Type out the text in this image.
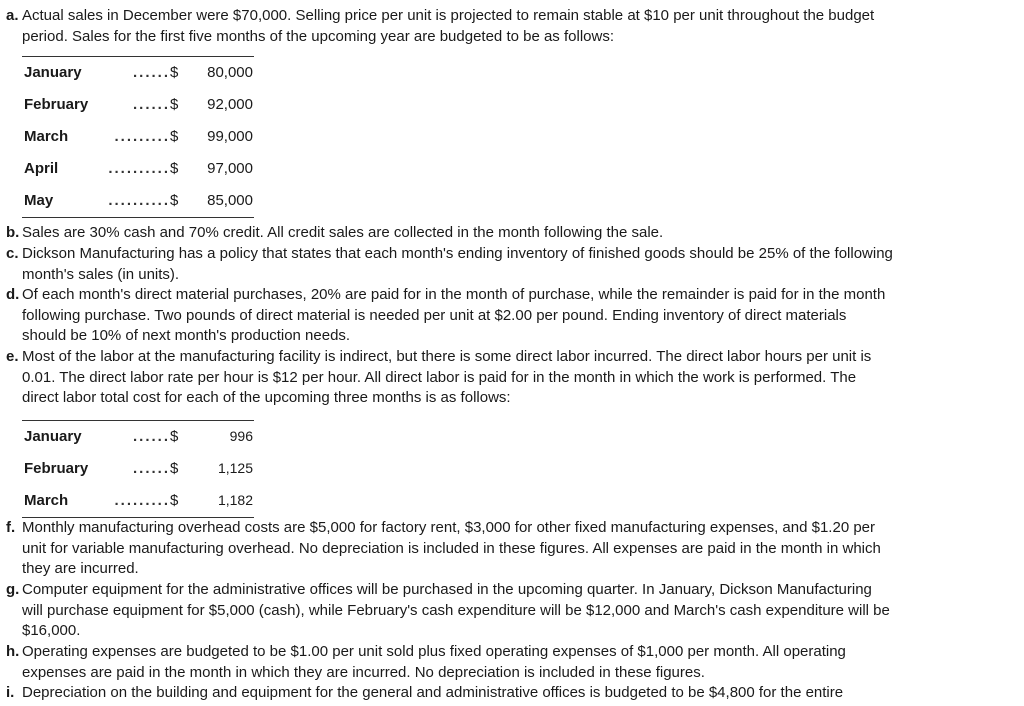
a. Actual sales in December were $70,000. Selling price per unit is projected to remain stable at $10 per unit throughout the budget
period. Sales for the first five months of the upcoming year are budgeted to be as follows:
January	...... $ 80,000
February	...... $ 92,000
March	......... $ 99,000
April	.......... $ 97,000
May	.......... $ 85,000
b. Sales are 30% cash and 70% credit. All credit sales are collected in the month following the sale.
c. Dickson Manufacturing has a policy that states that each month's ending inventory of finished goods should be 25% of the following
month's sales (in units).
d. Of each month's direct material purchases, 20% are paid for in the month of purchase, while the remainder is paid for in the month
following purchase. Two pounds of direct material is needed per unit at $2.00 per pound. Ending inventory of direct materials
should be 10% of next month's production needs.
e. Most of the labor at the manufacturing facility is indirect, but there is some direct labor incurred. The direct labor hours per unit is
0.01. The direct labor rate per hour is $12 per hour. All direct labor is paid for in the month in which the work is performed. The
direct labor total cost for each of the upcoming three months is as follows:
January	...... $	996
February	...... $	1,125
March	......... $	1,182
f. Monthly manufacturing overhead costs are $5,000 for factory rent, $3,000 for other fixed manufacturing expenses, and $1.20 per
unit for variable manufacturing overhead. No depreciation is included in these figures. All expenses are paid in the month in which
they are incurred.
g. Computer equipment for the administrative offices will be purchased in the upcoming quarter. In January, Dickson Manufacturing
will purchase equipment for $5,000 (cash), while February's cash expenditure will be $12,000 and March's cash expenditure will be
$16,000.
h. Operating expenses are budgeted to be $1.00 per unit sold plus fixed operating expenses of $1,000 per month. All operating
expenses are paid in the month in which they are incurred. No depreciation is included in these figures.
i. Depreciation on the building and equipment for the general and administrative offices is budgeted to be $4,800 for the entire
